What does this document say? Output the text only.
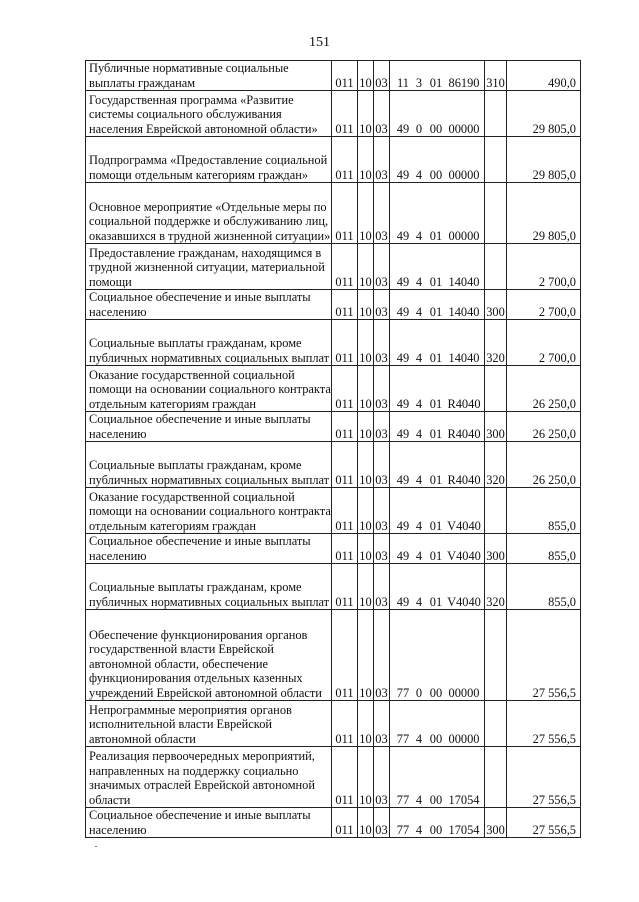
151
Публичные нормативные социальные выплаты гражданам	011	10	03	11 3 01 86190	310	490,0
Государственная программа «Развитие системы социального обслуживания населения Еврейской автономной области»	011	10	03	49 0 00 00000		29 805,0
Подпрограмма «Предоставление социальной помощи отдельным категориям граждан»	011	10	03	49 4 00 00000		29 805,0
Основное мероприятие «Отдельные меры по социальной поддержке и обслуживанию лиц, оказавшихся в трудной жизненной ситуации»	011	10	03	49 4 01 00000		29 805,0
Предоставление гражданам, находящимся в трудной жизненной ситуации, материальной помощи	011	10	03	49 4 01 14040		2 700,0
Социальное обеспечение и иные выплаты населению	011	10	03	49 4 01 14040	300	2 700,0
Социальные выплаты гражданам, кроме публичных нормативных социальных выплат	011	10	03	49 4 01 14040	320	2 700,0
Оказание государственной социальной помощи на основании социального контракта отдельным категориям граждан	011	10	03	49 4 01 R4040		26 250,0
Социальное обеспечение и иные выплаты населению	011	10	03	49 4 01 R4040	300	26 250,0
Социальные выплаты гражданам, кроме публичных нормативных социальных выплат	011	10	03	49 4 01 R4040	320	26 250,0
Оказание государственной социальной помощи на основании социального контракта отдельным категориям граждан	011	10	03	49 4 01 V4040		855,0
Социальное обеспечение и иные выплаты населению	011	10	03	49 4 01 V4040	300	855,0
Социальные выплаты гражданам, кроме публичных нормативных социальных выплат	011	10	03	49 4 01 V4040	320	855,0
Обеспечение функционирования органов государственной власти Еврейской автономной области, обеспечение функционирования отдельных казенных учреждений Еврейской автономной области	011	10	03	77 0 00 00000		27 556,5
Непрограммные мероприятия органов исполнительной власти Еврейской автономной области	011	10	03	77 4 00 00000		27 556,5
Реализация первоочередных мероприятий, направленных на поддержку социально значимых отраслей Еврейской автономной области	011	10	03	77 4 00 17054		27 556,5
Социальное обеспечение и иные выплаты населению	011	10	03	77 4 00 17054	300	27 556,5
